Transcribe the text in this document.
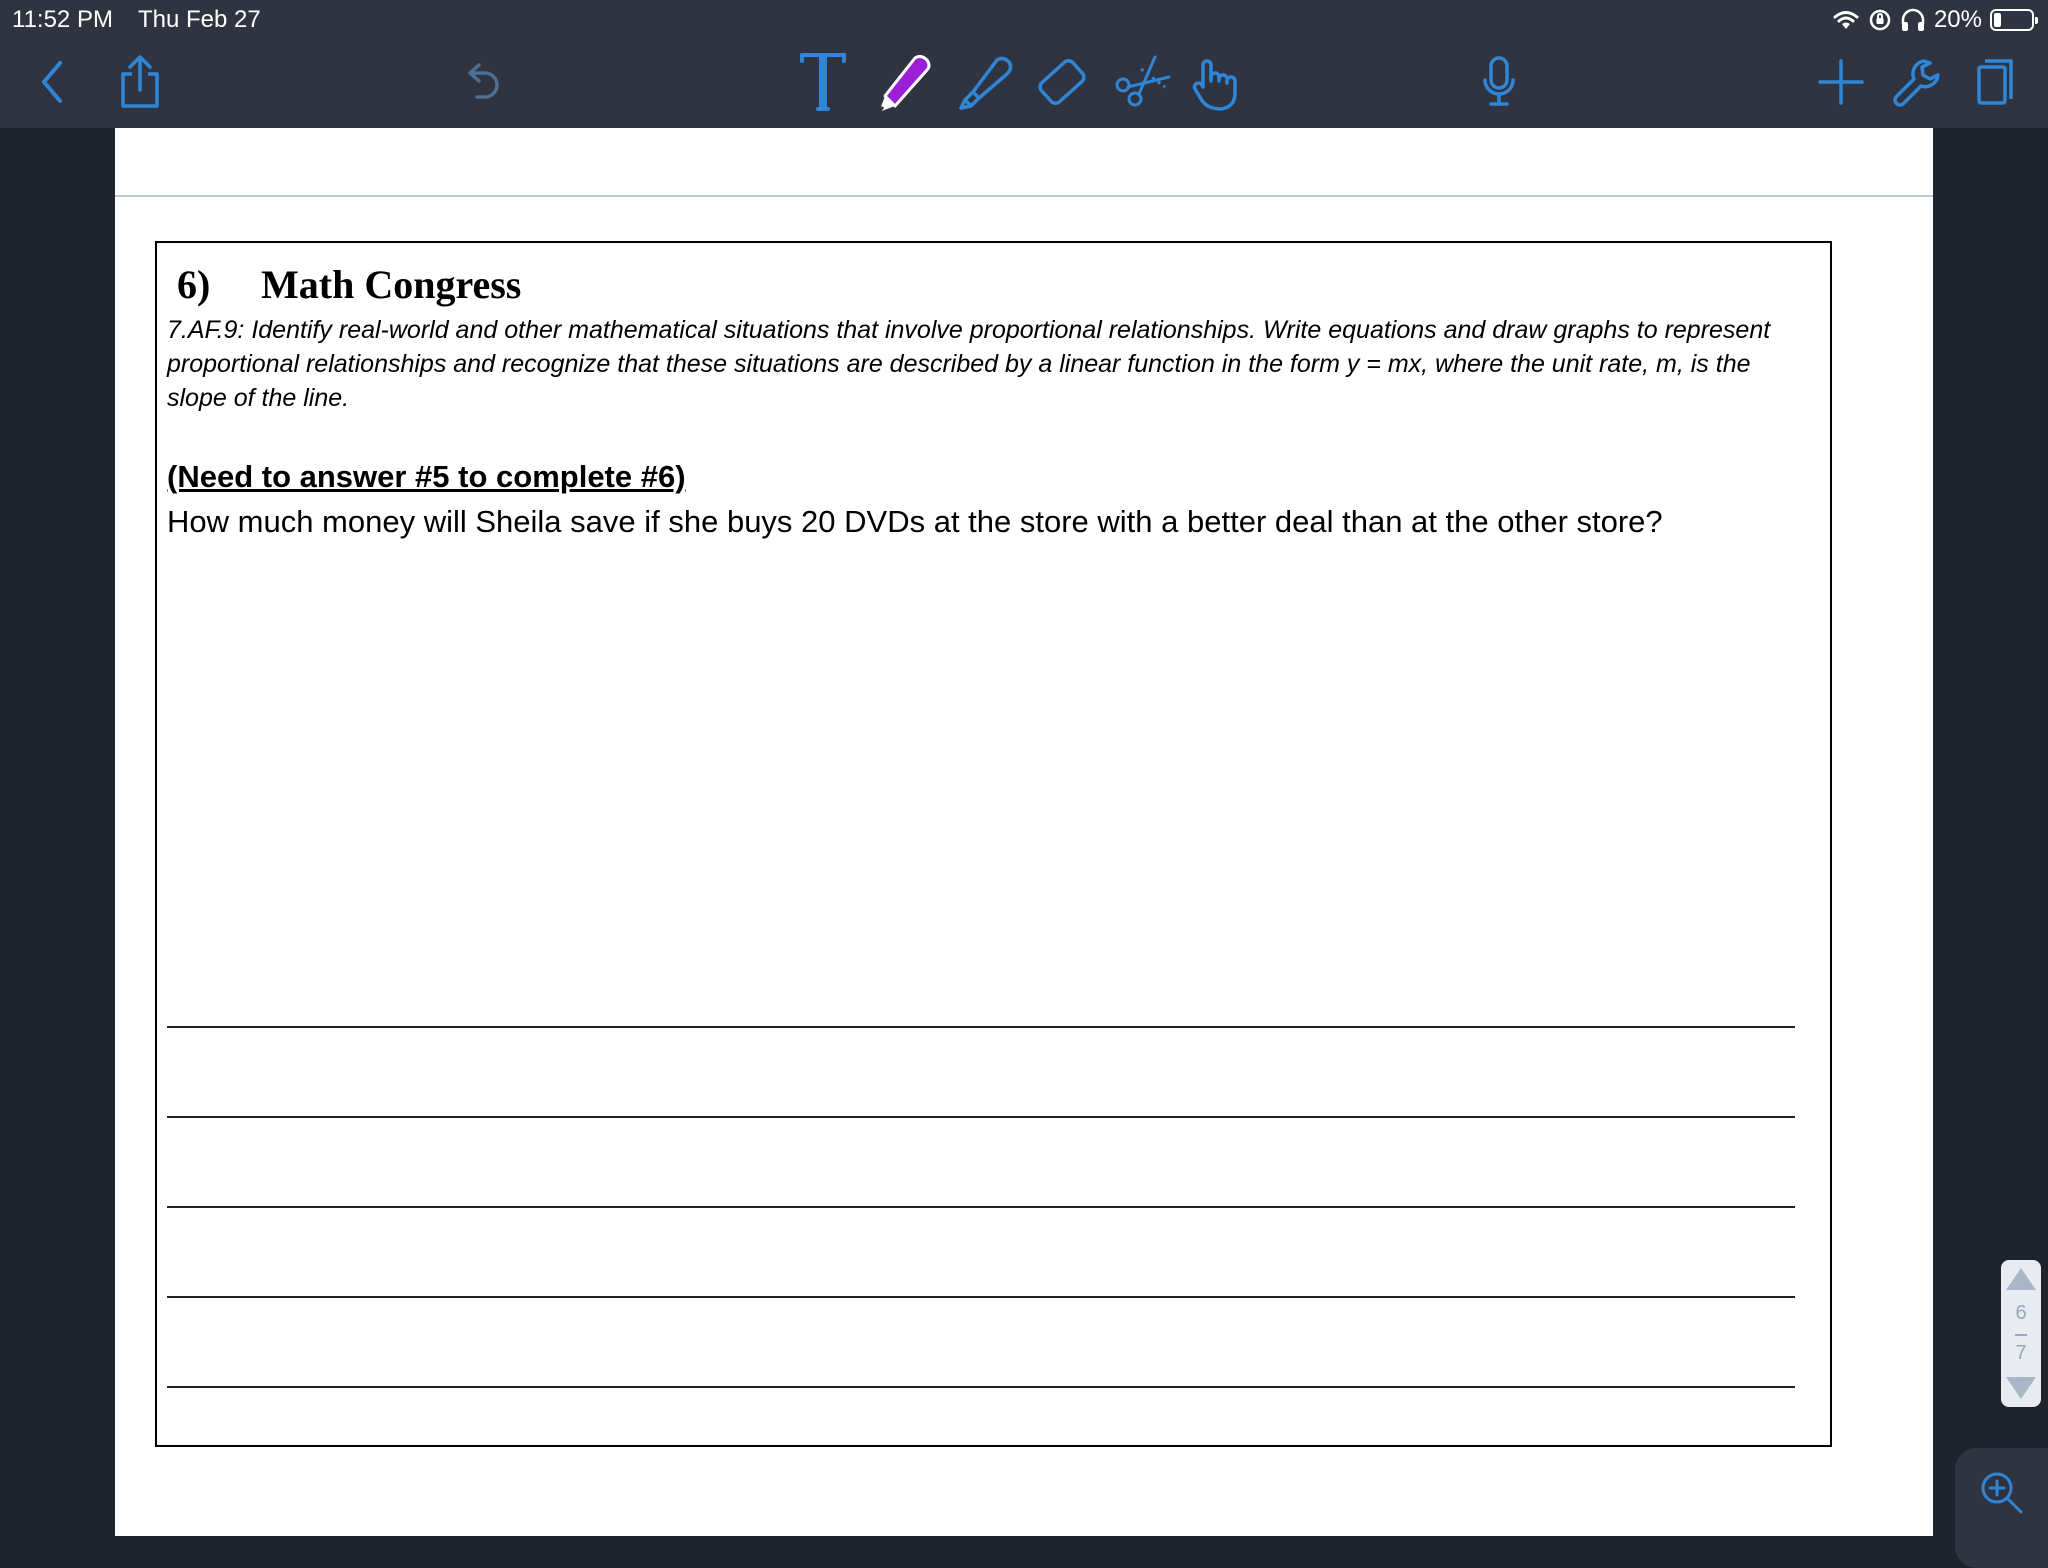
11:52 PM Thu Feb 27	20%
6) Math Congress
7.AF.9: Identify real-world and other mathematical situations that involve proportional relationships. Write equations and draw graphs to represent proportional relationships and recognize that these situations are described by a linear function in the form y = mx, where the unit rate, m, is the slope of the line.
(Need to answer #5 to complete #6)
How much money will Sheila save if she buys 20 DVDs at the store with a better deal than at the other store?
6
7
